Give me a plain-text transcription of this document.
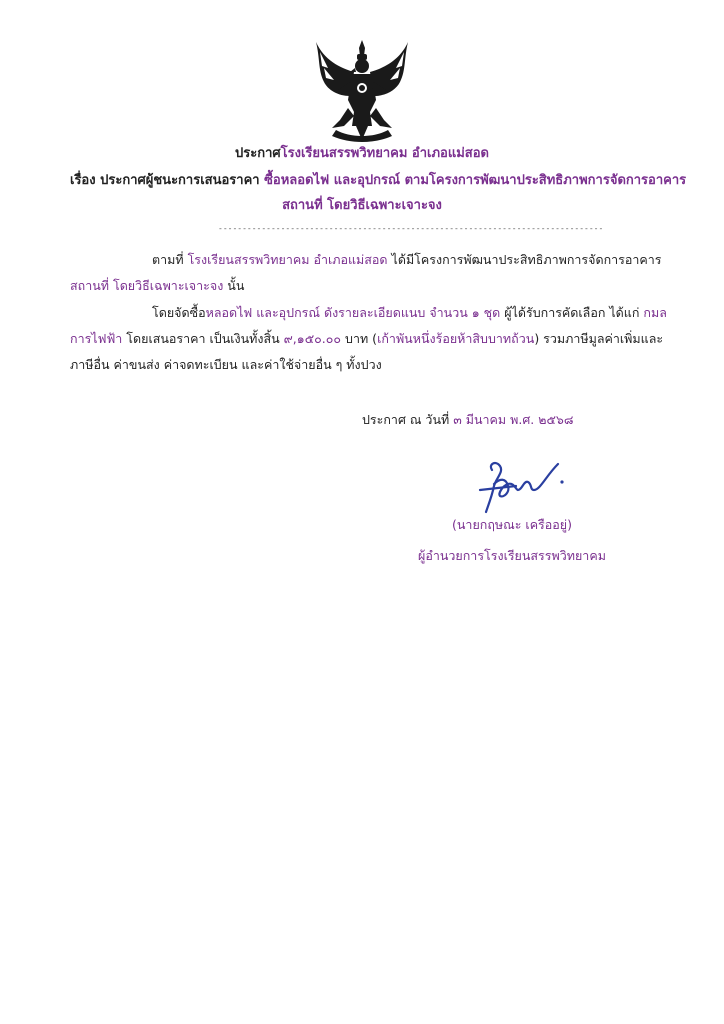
ประกาศโรงเรียนสรรพวิทยาคม อำเภอแม่สอด
เรื่อง ประกาศผู้ชนะการเสนอราคา ซื้อหลอดไฟ และอุปกรณ์ ตามโครงการพัฒนาประสิทธิภาพการจัดการอาคาร
สถานที่ โดยวิธีเฉพาะเจาะจง
--------------------------------------------------------------------------------
ตามที่ โรงเรียนสรรพวิทยาคม อำเภอแม่สอด ได้มีโครงการพัฒนาประสิทธิภาพการจัดการอาคาร
สถานที่ โดยวิธีเฉพาะเจาะจง นั้น
โดยจัดซื้อหลอดไฟ และอุปกรณ์ ดังรายละเอียดแนบ จำนวน ๑ ชุด ผู้ได้รับการคัดเลือก ได้แก่ กมล
การไฟฟ้า โดยเสนอราคา เป็นเงินทั้งสิ้น ๙,๑๕๐.๐๐ บาท (เก้าพันหนึ่งร้อยห้าสิบบาทถ้วน) รวมภาษีมูลค่าเพิ่มและ
ภาษีอื่น ค่าขนส่ง ค่าจดทะเบียน และค่าใช้จ่ายอื่น ๆ ทั้งปวง
ประกาศ ณ วันที่ ๓ มีนาคม พ.ศ. ๒๕๖๘
(นายกฤษณะ เครืออยู่)
ผู้อำนวยการโรงเรียนสรรพวิทยาคม
